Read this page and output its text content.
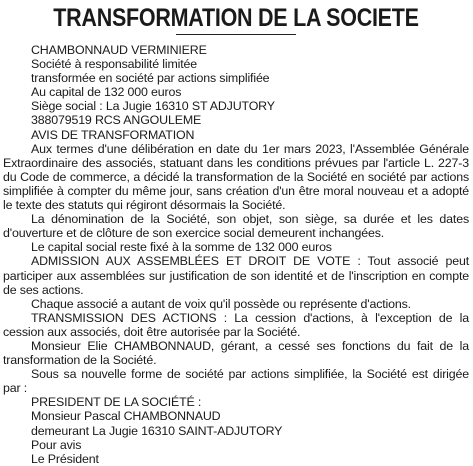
TRANSFORMATION DE LA SOCIETE

CHAMBONNAUD VERMINIERE

Société à responsabilité limitée

transformée en société par actions simplifiée

Au capital de 132 000 euros

Siège social : La Jugie 16310 ST ADJUTORY

388079519 RCS ANGOULEME

AVIS DE TRANSFORMATION

Aux termes d'une délibération en date du 1er mars 2023, l'Assemblée Générale Extraordinaire des associés, statuant dans les conditions prévues par l'article L. 227-3 du Code de commerce, a décidé la transformation de la Société en société par actions simplifiée à compter du même jour, sans création d'un être moral nouveau et a adopté le texte des statuts qui régiront désormais la Société.

La dénomination de la Société, son objet, son siège, sa durée et les dates d'ouverture et de clôture de son exercice social demeurent inchangées.

Le capital social reste fixé à la somme de 132 000 euros

ADMISSION AUX ASSEMBLÉES ET DROIT DE VOTE : Tout associé peut participer aux assemblées sur justification de son identité et de l'inscription en compte de ses actions.

Chaque associé a autant de voix qu'il possède ou représente d'actions.

TRANSMISSION DES ACTIONS : La cession d'actions, à l'exception de la cession aux associés, doit être autorisée par la Société.

Monsieur Elie CHAMBONNAUD, gérant, a cessé ses fonctions du fait de la transformation de la Société.

Sous sa nouvelle forme de société par actions simplifiée, la Société est dirigée par :

PRESIDENT DE LA SOCIÉTÉ :

Monsieur Pascal CHAMBONNAUD

demeurant La Jugie 16310 SAINT-ADJUTORY

Pour avis

Le Président
